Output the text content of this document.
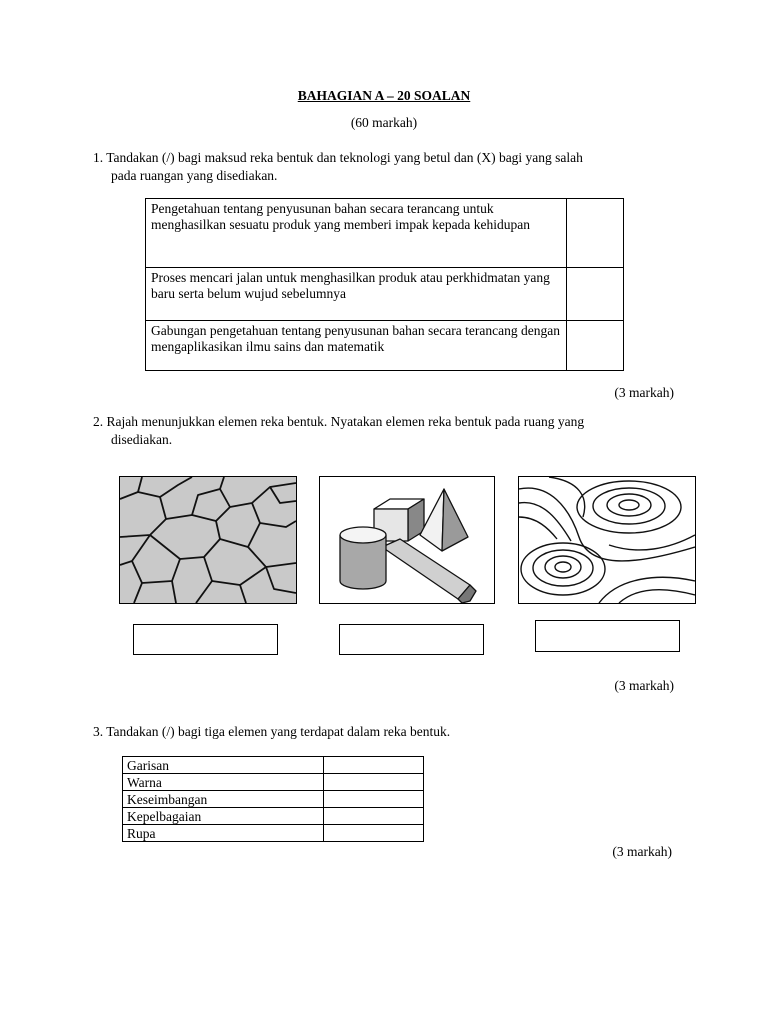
BAHAGIAN A – 20 SOALAN
(60 markah)
1. Tandakan (/) bagi maksud reka bentuk dan teknologi yang betul dan (X) bagi yang salah
pada ruangan yang disediakan.
Pengetahuan tentang penyusunan bahan secara terancang untuk menghasilkan sesuatu produk yang memberi impak kepada kehidupan	
Proses mencari jalan untuk menghasilkan produk atau perkhidmatan yang baru serta belum wujud sebelumnya	
Gabungan pengetahuan tentang penyusunan bahan secara terancang dengan mengaplikasikan ilmu sains dan matematik	
(3 markah)
2. Rajah menunjukkan elemen reka bentuk. Nyatakan elemen reka bentuk pada ruang yang
disediakan.
(3 markah)
3. Tandakan (/) bagi tiga elemen yang terdapat dalam reka bentuk.
Garisan	
Warna	
Keseimbangan	
Kepelbagaian	
Rupa	
(3 markah)
